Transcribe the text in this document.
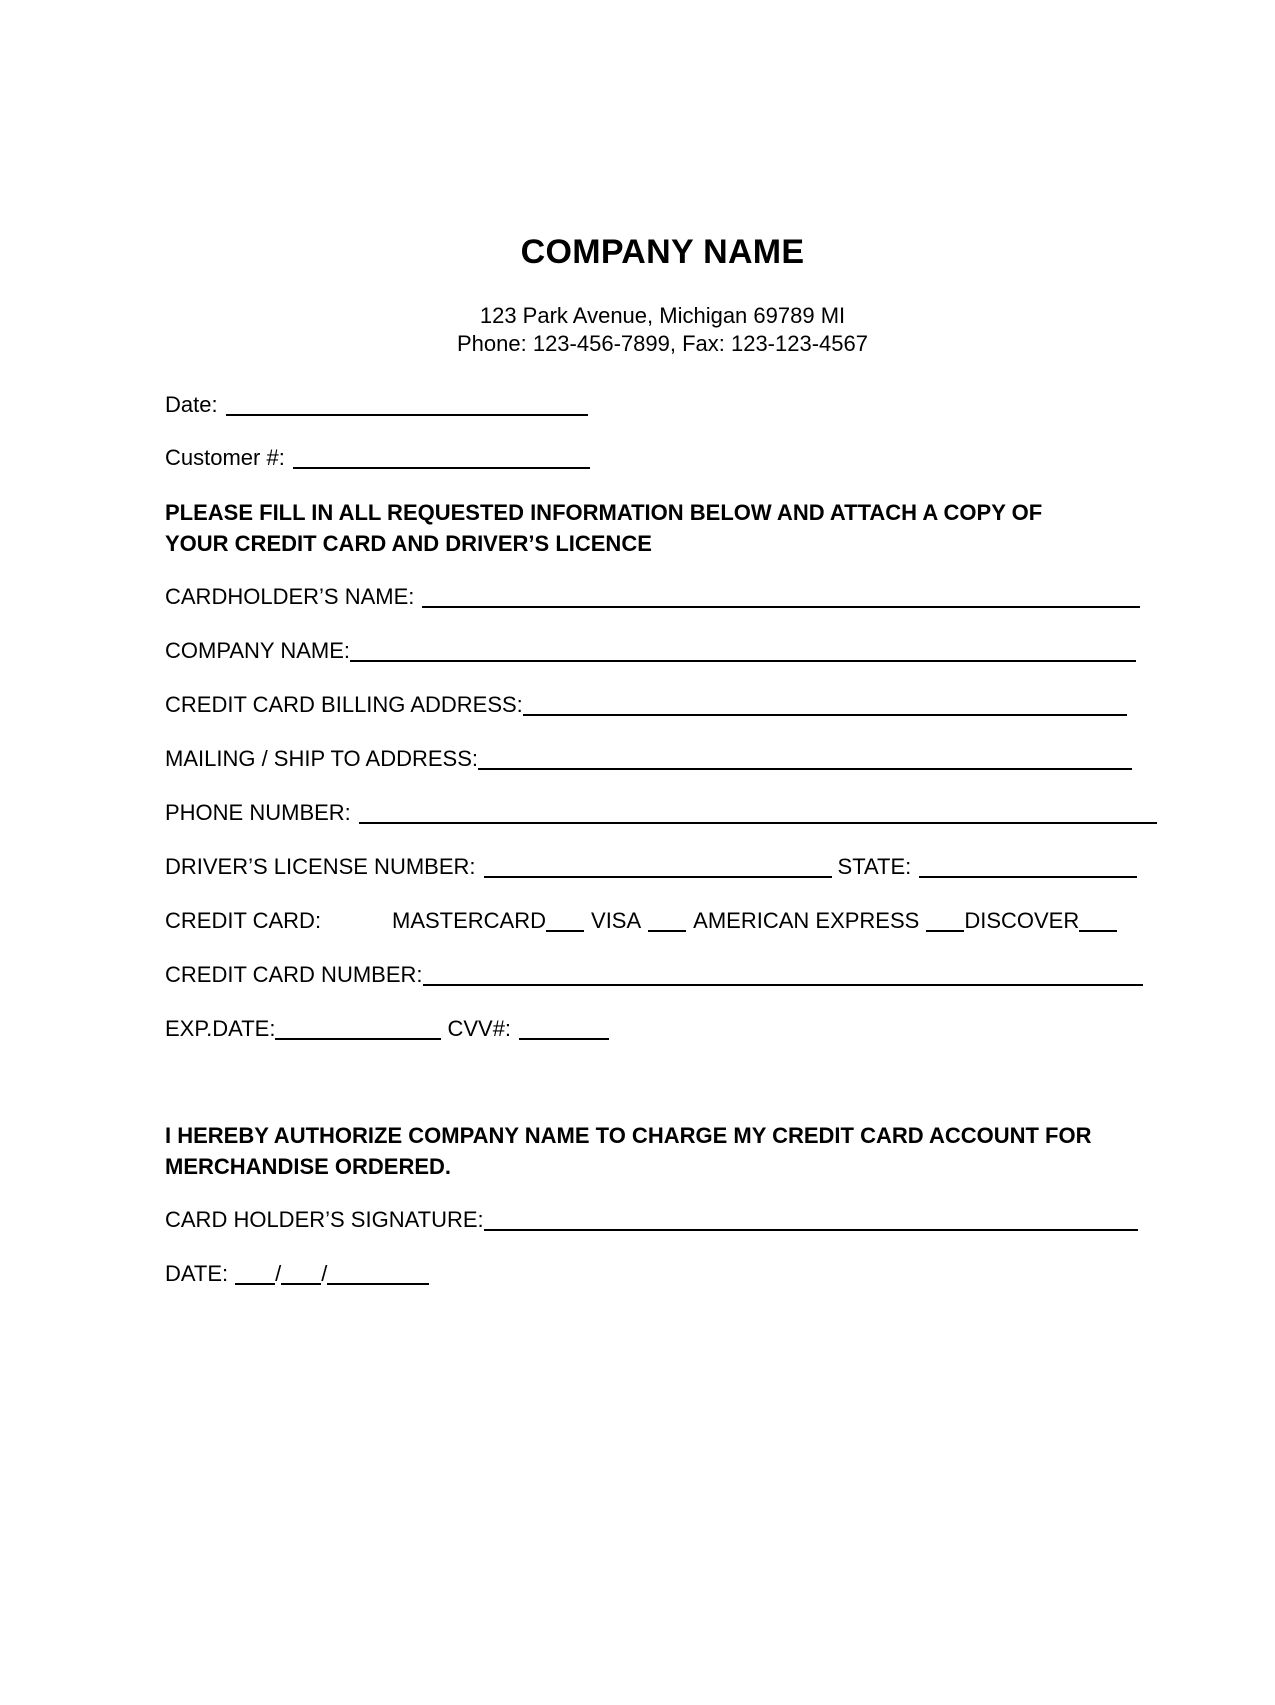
COMPANY NAME
123 Park Avenue, Michigan 69789 MI
Phone: 123-456-7899, Fax: 123-123-4567
Date:
Customer #:
PLEASE FILL IN ALL REQUESTED INFORMATION BELOW AND ATTACH A COPY OF
YOUR CREDIT CARD AND DRIVER’S LICENCE
CARDHOLDER’S NAME:
COMPANY NAME:
CREDIT CARD BILLING ADDRESS:
MAILING / SHIP TO ADDRESS:
PHONE NUMBER:
DRIVER’S LICENSE NUMBER:	STATE:
CREDIT CARD:	MASTERCARD VISA AMERICAN EXPRESS DISCOVER
CREDIT CARD NUMBER:
EXP.DATE:	CVV#:
I HEREBY AUTHORIZE COMPANY NAME TO CHARGE MY CREDIT CARD ACCOUNT FOR
MERCHANDISE ORDERED.
CARD HOLDER’S SIGNATURE:
DATE: / /
